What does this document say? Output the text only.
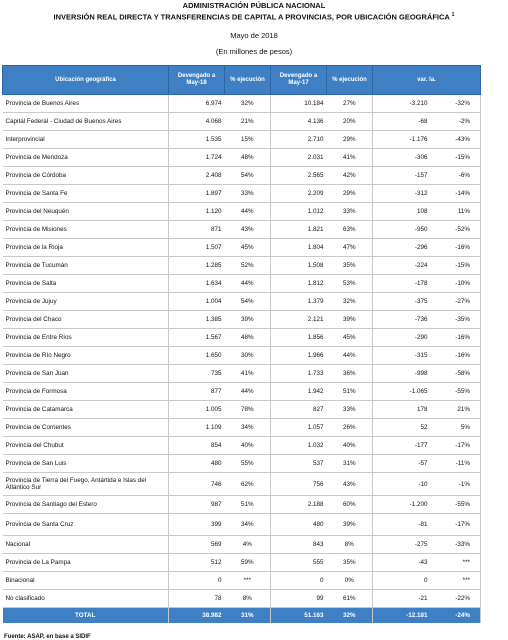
ADMINISTRACIÓN PÚBLICA NACIONAL
INVERSIÓN REAL DIRECTA Y TRANSFERENCIAS DE CAPITAL A PROVINCIAS, POR UBICACIÓN GEOGRÁFICA $^1$
Mayo de 2018
(En millones de pesos)
Ubicación geográfica	Devengado a May-18	% ejecución	Devengado a May-17	% ejecución	var. Ia.	
Provincia de Buenos Aires	6.974	32%	10.184	27%	-3.210	-32%
Capital Federal - Ciudad de Buenos Aires	4.068	21%	4.136	20%	-68	-2%
Interprovincial	1.535	15%	2.710	29%	-1.176	-43%
Provincia de Mendoza	1.724	48%	2.031	41%	-306	-15%
Provincia de Córdoba	2.408	54%	2.565	42%	-157	-6%
Provincia de Santa Fe	1.897	33%	2.209	29%	-312	-14%
Provincia del Neuquén	1.120	44%	1.012	33%	108	11%
Provincia de Misiones	871	43%	1.821	63%	-950	-52%
Provincia de la Rioja	1.507	45%	1.804	47%	-296	-16%
Provincia de Tucumán	1.285	52%	1.508	35%	-224	-15%
Provincia de Salta	1.634	44%	1.812	53%	-178	-10%
Provincia de Jujuy	1.004	54%	1.379	32%	-375	-27%
Provincia del Chaco	1.385	39%	2.121	39%	-736	-35%
Provincia de Entre Ríos	1.567	48%	1.856	45%	-290	-16%
Provincia de Río Negro	1.650	30%	1.966	44%	-315	-16%
Provincia de San Juan	735	41%	1.733	36%	-998	-58%
Provincia de Formosa	877	44%	1.942	51%	-1.065	-55%
Provincia de Catamarca	1.005	78%	827	33%	178	21%
Provincia de Corrientes	1.109	34%	1.057	26%	52	5%
Provincia del Chubut	854	40%	1.032	40%	-177	-17%
Provincia de San Luis	480	55%	537	31%	-57	-11%
Provincia de Tierra del Fuego, Antártida e Islas del Atlántico Sur	746	62%	756	43%	-10	-1%
Provincia de Santiago del Estero	987	51%	2.188	60%	-1.200	-55%
Provincia de Santa Cruz	399	34%	480	39%	-81	-17%
Nacional	569	4%	843	8%	-275	-33%
Provincia de La Pampa	512	59%	555	35%	-43	***
Binacional	0	***	0	0%	0	***
No clasificado	78	8%	99	61%	-21	-22%
TOTAL	38.982	31%	51.163	32%	-12.181	-24%
Fuente: ASAP, en base a SIDIF
